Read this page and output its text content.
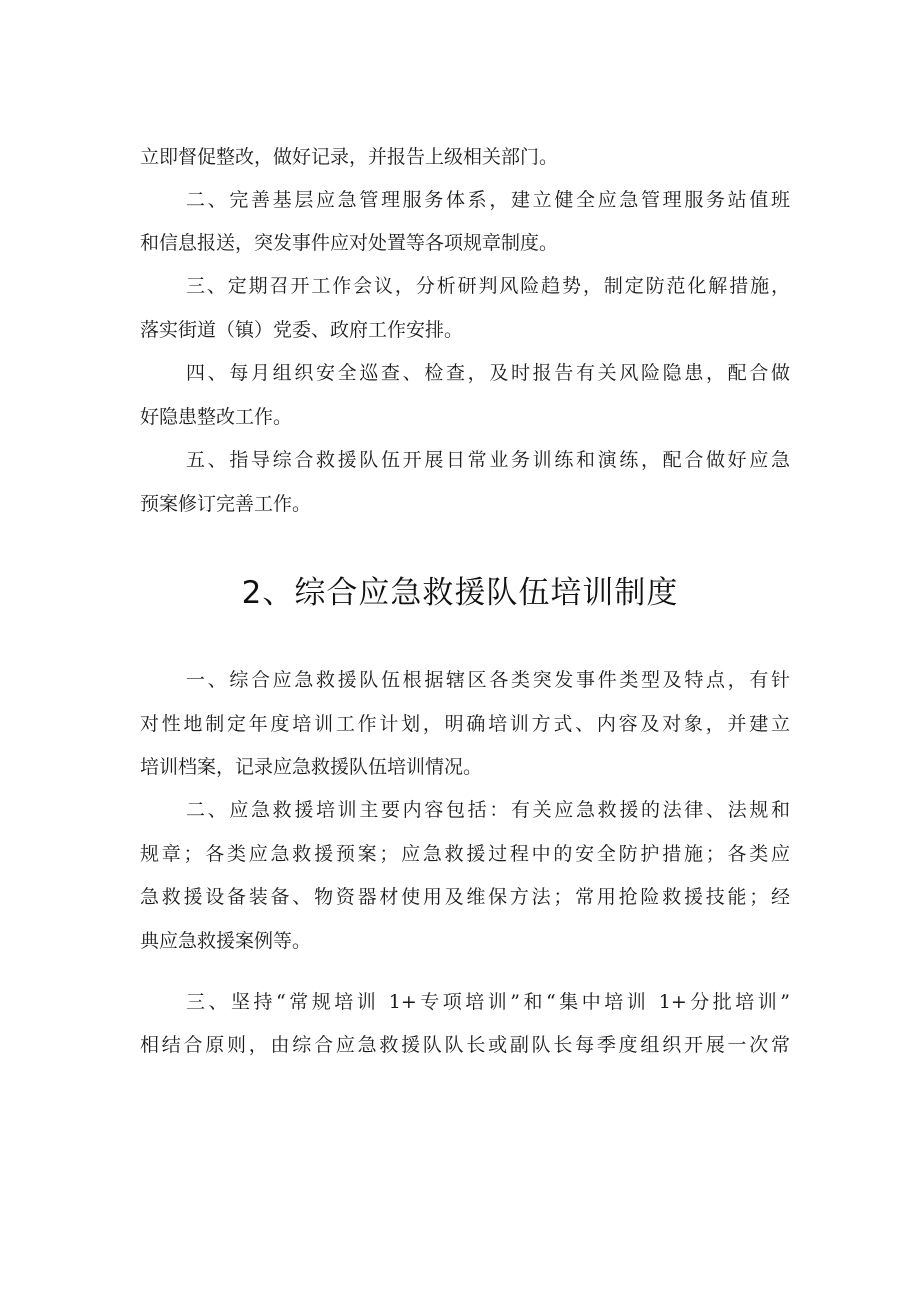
立即督促整改，做好记录，并报告上级相关部门。
二、完善基层应急管理服务体系，建立健全应急管理服务站值班
和信息报送，突发事件应对处置等各项规章制度。
三、定期召开工作会议，分析研判风险趋势，制定防范化解措施，
落实街道（镇）党委、政府工作安排。
四、每月组织安全巡查、检查，及时报告有关风险隐患，配合做
好隐患整改工作。
五、指导综合救援队伍开展日常业务训练和演练，配合做好应急
预案修订完善工作。
2、综合应急救援队伍培训制度
一、综合应急救援队伍根据辖区各类突发事件类型及特点，有针
对性地制定年度培训工作计划，明确培训方式、内容及对象，并建立
培训档案，记录应急救援队伍培训情况。
二、应急救援培训主要内容包括：有关应急救援的法律、法规和
规章；各类应急救援预案；应急救援过程中的安全防护措施；各类应
急救援设备装备、物资器材使用及维保方法；常用抢险救援技能；经
典应急救援案例等。
三、坚持“常规培训 1+专项培训”和“集中培训 1+分批培训”
相结合原则，由综合应急救援队队长或副队长每季度组织开展一次常
